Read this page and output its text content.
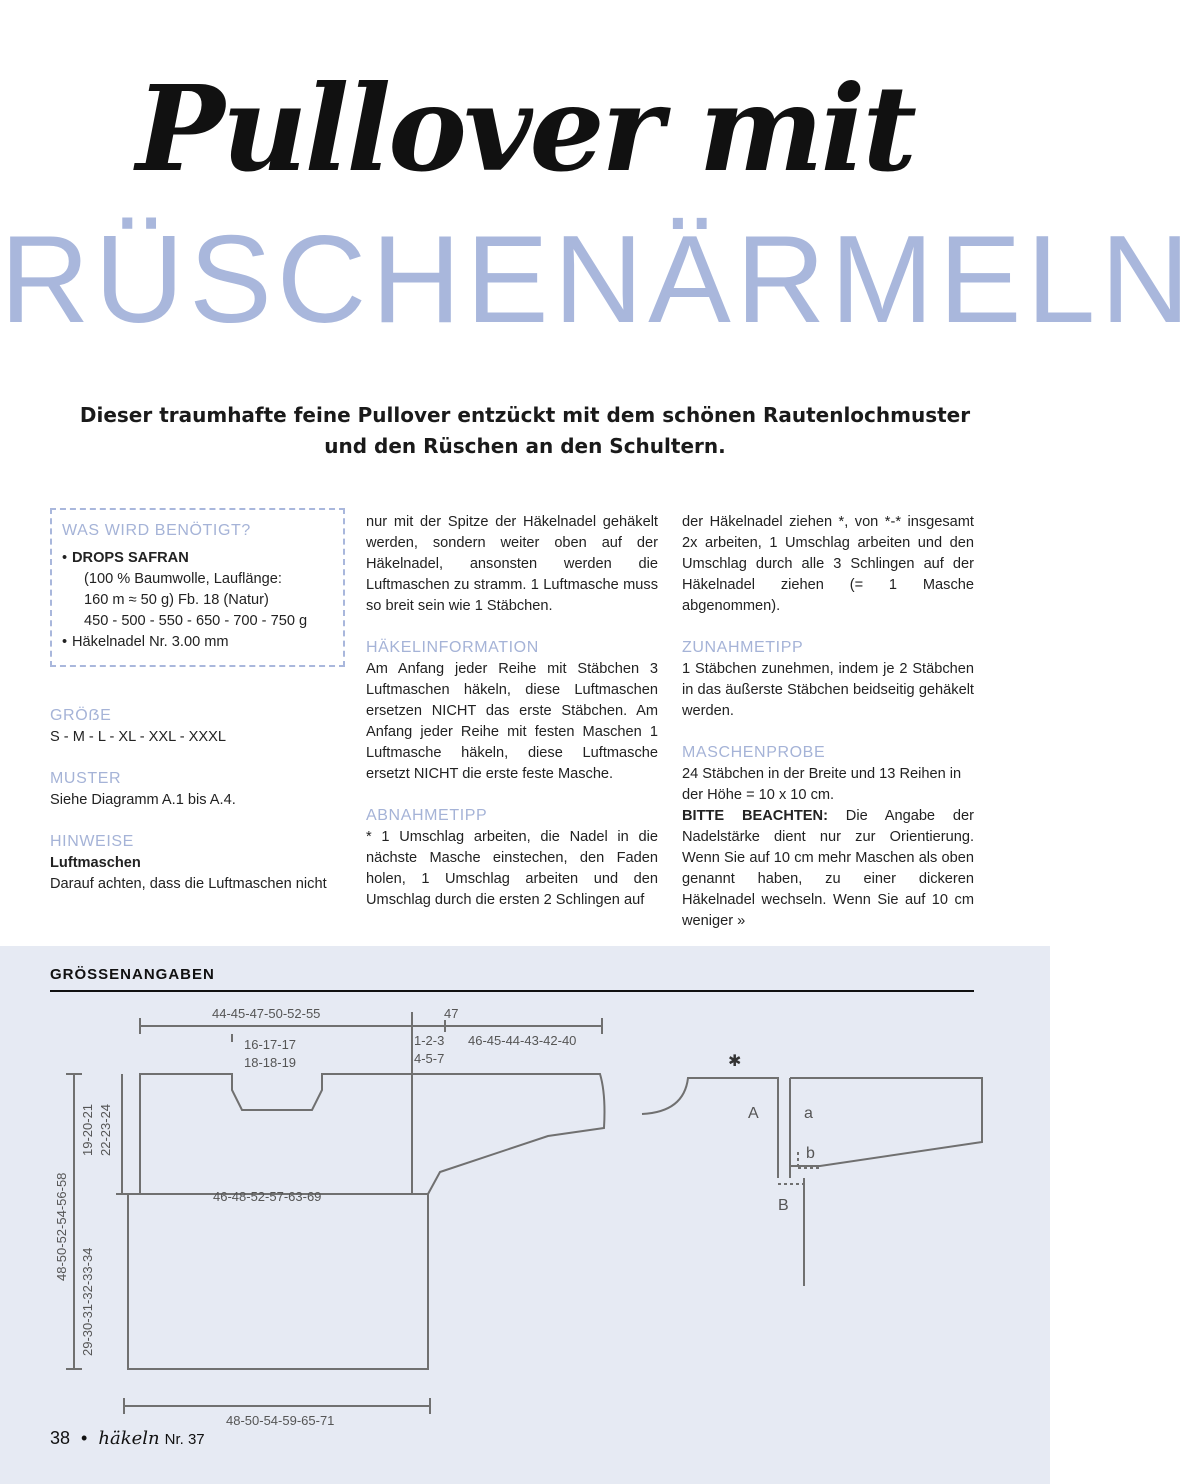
Pullover mit
RÜSCHENÄRMELN
Dieser traumhafte feine Pullover entzückt mit dem schönen Rautenlochmuster
und den Rüschen an den Schultern.

WAS WIRD BENÖTIGT?

• DROPS SAFRAN
(100 % Baumwolle, Lauflänge:
160 m ≈ 50 g) Fb. 18 (Natur)
450 - 500 - 550 - 650 - 700 - 750 g
• Häkelnadel Nr. 3.00 mm

GRÖẞE

S - M - L - XL - XXL - XXXL

MUSTER

Siehe Diagramm A.1 bis A.4.

HINWEISE

Luftmaschen

Darauf achten, dass die Luftmaschen nicht

nur mit der Spitze der Häkelnadel gehäkelt werden, sondern weiter oben auf der Häkelnadel, ansonsten werden die Luftmaschen zu stramm. 1 Luftmasche muss so breit sein wie 1 Stäbchen.

HÄKELINFORMATION

Am Anfang jeder Reihe mit Stäbchen 3 Luftmaschen häkeln, diese Luftmaschen ersetzen NICHT das erste Stäbchen. Am Anfang jeder Reihe mit festen Maschen 1 Luftmasche häkeln, diese Luftmasche ersetzt NICHT die erste feste Masche.

ABNAHMETIPP

* 1 Umschlag arbeiten, die Nadel in die nächste Masche einstechen, den Faden holen, 1 Umschlag arbeiten und den Umschlag durch die ersten 2 Schlingen auf

der Häkelnadel ziehen *, von *-* insgesamt 2x arbeiten, 1 Umschlag arbeiten und den Umschlag durch alle 3 Schlingen auf der Häkelnadel ziehen (= 1 Masche abgenommen).

ZUNAHMETIPP

1 Stäbchen zunehmen, indem je 2 Stäbchen in das äußerste Stäbchen beidseitig gehäkelt werden.

MASCHENPROBE

24 Stäbchen in der Breite und 13 Reihen in der Höhe = 10 x 10 cm.

BITTE BEACHTEN: Die Angabe der Nadelstärke dient nur zur Orientierung. Wenn Sie auf 10 cm mehr Maschen als oben genannt haben, zu einer dickeren Häkelnadel wechseln. Wenn Sie auf 10 cm weniger »

GRÖSSENANGABEN
44-45-47-50-52-55	47
16-17-17
18-18-19
1-2-3
4-5-7
46-45-44-43-42-40
46-48-52-57-63-69
48-50-54-59-65-71
48-50-52-54-56-58
29-30-31-32-33-34
19-20-21 22-23-24
✱
A	a
b
B
38 • häkeln Nr. 37
